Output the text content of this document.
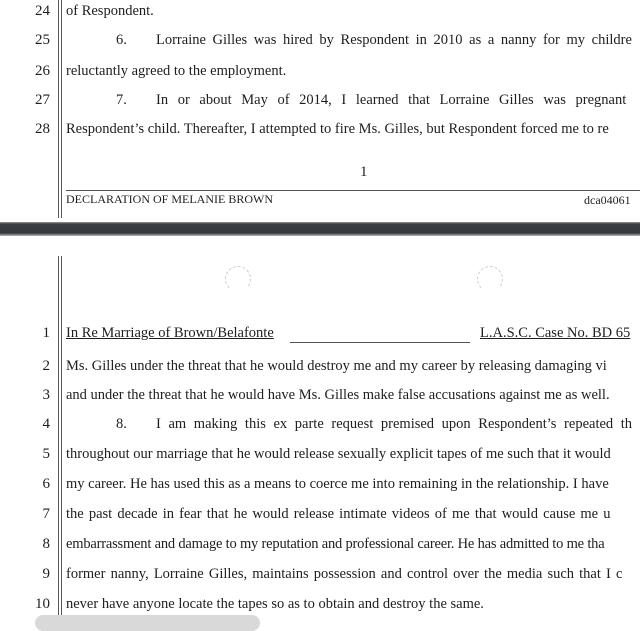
24 of Respondent.
25	6. Lorraine Gilles was hired by Respondent in 2010 as a nanny for my childre
26 reluctantly agreed to the employment.
27	7. In or about May of 2014, I learned that Lorraine Gilles was pregnant
28 Respondent’s child. Thereafter, I attempted to fire Ms. Gilles, but Respondent forced me to re
1
DECLARATION OF MELANIE BROWN	dca04061
1 In Re Marriage of Brown/Belafonte	L.A.S.C. Case No. BD 65
2 Ms. Gilles under the threat that he would destroy me and my career by releasing damaging vi
3 and under the threat that he would have Ms. Gilles make false accusations against me as well.
4	8. I am making this ex parte request premised upon Respondent’s repeated th
5 throughout our marriage that he would release sexually explicit tapes of me such that it would
6 my career. He has used this as a means to coerce me into remaining in the relationship. I have
7 the past decade in fear that he would release intimate videos of me that would cause me u
8 embarrassment and damage to my reputation and professional career. He has admitted to me tha
9 former nanny, Lorraine Gilles, maintains possession and control over the media such that I c
10 never have anyone locate the tapes so as to obtain and destroy the same.
